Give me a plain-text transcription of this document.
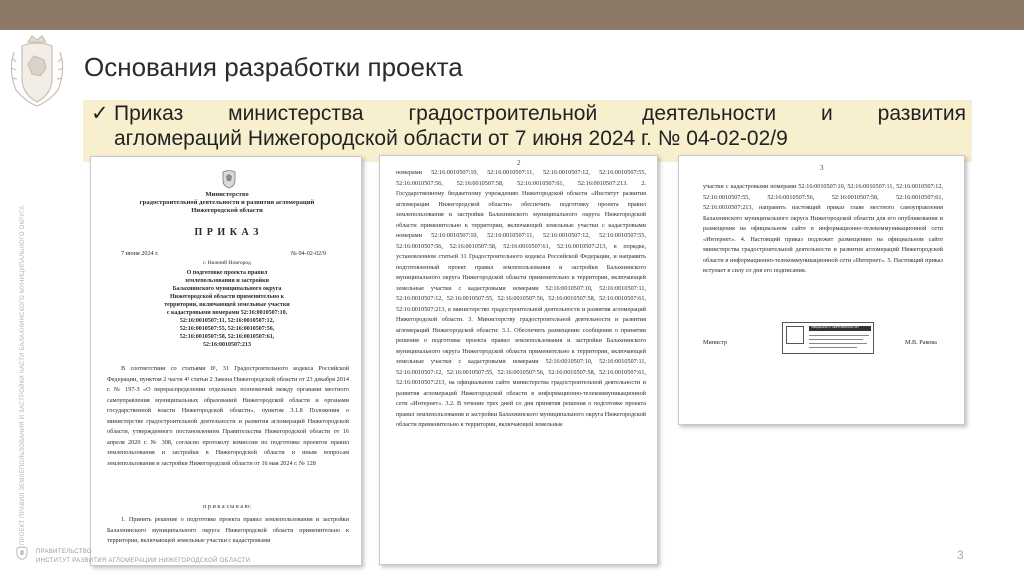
ПРОЕКТ ПРАВИЛ ЗЕМЛЕПОЛЬЗОВАНИЯ И ЗАСТРОЙКИ ЧАСТИ БАЛАХНИНСКОГО МУНИЦИПАЛЬНОГО ОКРУГА
Основания разработки проекта
✓ Приказ министерства градостроительной деятельности и развития
агломераций Нижегородской области от 7 июня 2024 г. № 04-02-02/9
Министерство
градостроительной деятельности и развития агломераций
Нижегородской области
П Р И К А З
7 июня 2024 г.	№ 04-02-02/9
г. Нижний Новгород
О подготовке проекта правил
землепользования и застройки
Балахнинского муниципального округа
Нижегородской области применительно к
территории, включающей земельные участки
с кадастровыми номерами 52:16:0010507:10,
52:16:0010507:11, 52:16:0010507:12,
52:16:0010507:55, 52:16:0010507:56,
52:16:0010507:58, 52:16:0010507:61,
52:16:0010507:213
В соответствии со статьями 8¹, 31 Градостроительного кодекса Российской Федерации, пунктом 2 части 4² статьи 2 Закона Нижегородской области от 23 декабря 2014 г. № 197-З «О перераспределении отдельных полномочий между органами местного самоуправления муниципальных образований Нижегородской области и органами государственной власти Нижегородской области», пунктом 3.1.8 Положения о министерстве градостроительной деятельности и развития агломераций Нижегородской области, утвержденного постановлением Правительства Нижегородской области от 16 апреля 2020 г. № 308, согласно протоколу комиссии по подготовке проектов правил землепользования и застройки в Нижегородской области и иным вопросам землепользования и застройки Нижегородской области от 16 мая 2024 г. № 128
п р и к а з ы в а ю:
1. Принять решение о подготовке проекта правил землепользования и застройки Балахнинского муниципального округа Нижегородской области применительно к территории, включающей земельные участки с кадастровыми
2
номерами 52:16:0010507:10, 52:16:0010507:11, 52:16:0010507:12, 52:16:0010507:55, 52:16:0010507:56, 52:16:0010507:58, 52:16:0010507:61, 52:16:0010507:213. 2. Государственному бюджетному учреждению Нижегородской области «Институт развития агломерации Нижегородской области» обеспечить подготовку проекта правил землепользования и застройки Балахнинского муниципального округа Нижегородской области применительно к территории, включающей земельные участки с кадастровыми номерами 52:16:0010507:10, 52:16:0010507:11, 52:16:0010507:12, 52:16:0010507:55, 52:16:0010507:56, 52:16:0010507:58, 52:16:0010507:61, 52:16:0010507:213, в порядке, установленном статьей 31 Градостроительного кодекса Российской Федерации, и направить подготовленный проект правил землепользования и застройки Балахнинского муниципального округа Нижегородской области применительно к территории, включающей земельные участки с кадастровыми номерами 52:16:0010507:10, 52:16:0010507:11, 52:16:0010507:12, 52:16:0010507:55, 52:16:0010507:56, 52:16:0010507:58, 52:16:0010507:61, 52:16:0010507:213, в министерство градостроительной деятельности и развития агломераций Нижегородской области. 3. Министерству градостроительной деятельности и развития агломераций Нижегородской области: 3.1. Обеспечить размещение сообщения о принятии решения о подготовке проекта правил землепользования и застройки Балахнинского муниципального округа Нижегородской области применительно к территории, включающей земельные участки с кадастровыми номерами 52:16:0010507:10, 52:16:0010507:11, 52:16:0010507:12, 52:16:0010507:55, 52:16:0010507:56, 52:16:0010507:58, 52:16:0010507:61, 52:16:0010507:213, на официальном сайте министерства градостроительной деятельности и развития агломераций Нижегородской области в информационно-телекоммуникационной сети «Интернет». 3.2. В течение трех дней со дня принятия решения о подготовке проекта правил землепользования и застройки Балахнинского муниципального округа Нижегородской области применительно к территории, включающей земельные
3
участки с кадастровыми номерами 52:16:0010507:10, 52:16:0010507:11, 52:16:0010507:12, 52:16:0010507:55, 52:16:0010507:56, 52:16:0010507:58, 52:16:0010507:61, 52:16:0010507:213, направить настоящий приказ главе местного самоуправления Балахнинского муниципального округа Нижегородской области для его опубликования и размещения на официальном сайте в информационно-телекоммуникационной сети «Интернет». 4. Настоящий приказ подлежит размещению на официальном сайте министерства градостроительной деятельности и развития агломераций Нижегородской области в информационно-телекоммуникационной сети «Интернет». 5. Настоящий приказ вступает в силу со дня его подписания.
Министр	М.В. Ракова
СВЕДЕНИЯ О СЕРТИФИКАТЕ ЭП
ПРАВИТЕЛЬСТВО
ИНСТИТУТ РАЗВИТИЯ АГЛОМЕРАЦИИ НИЖЕГОРОДСКОЙ ОБЛАСТИ	3
